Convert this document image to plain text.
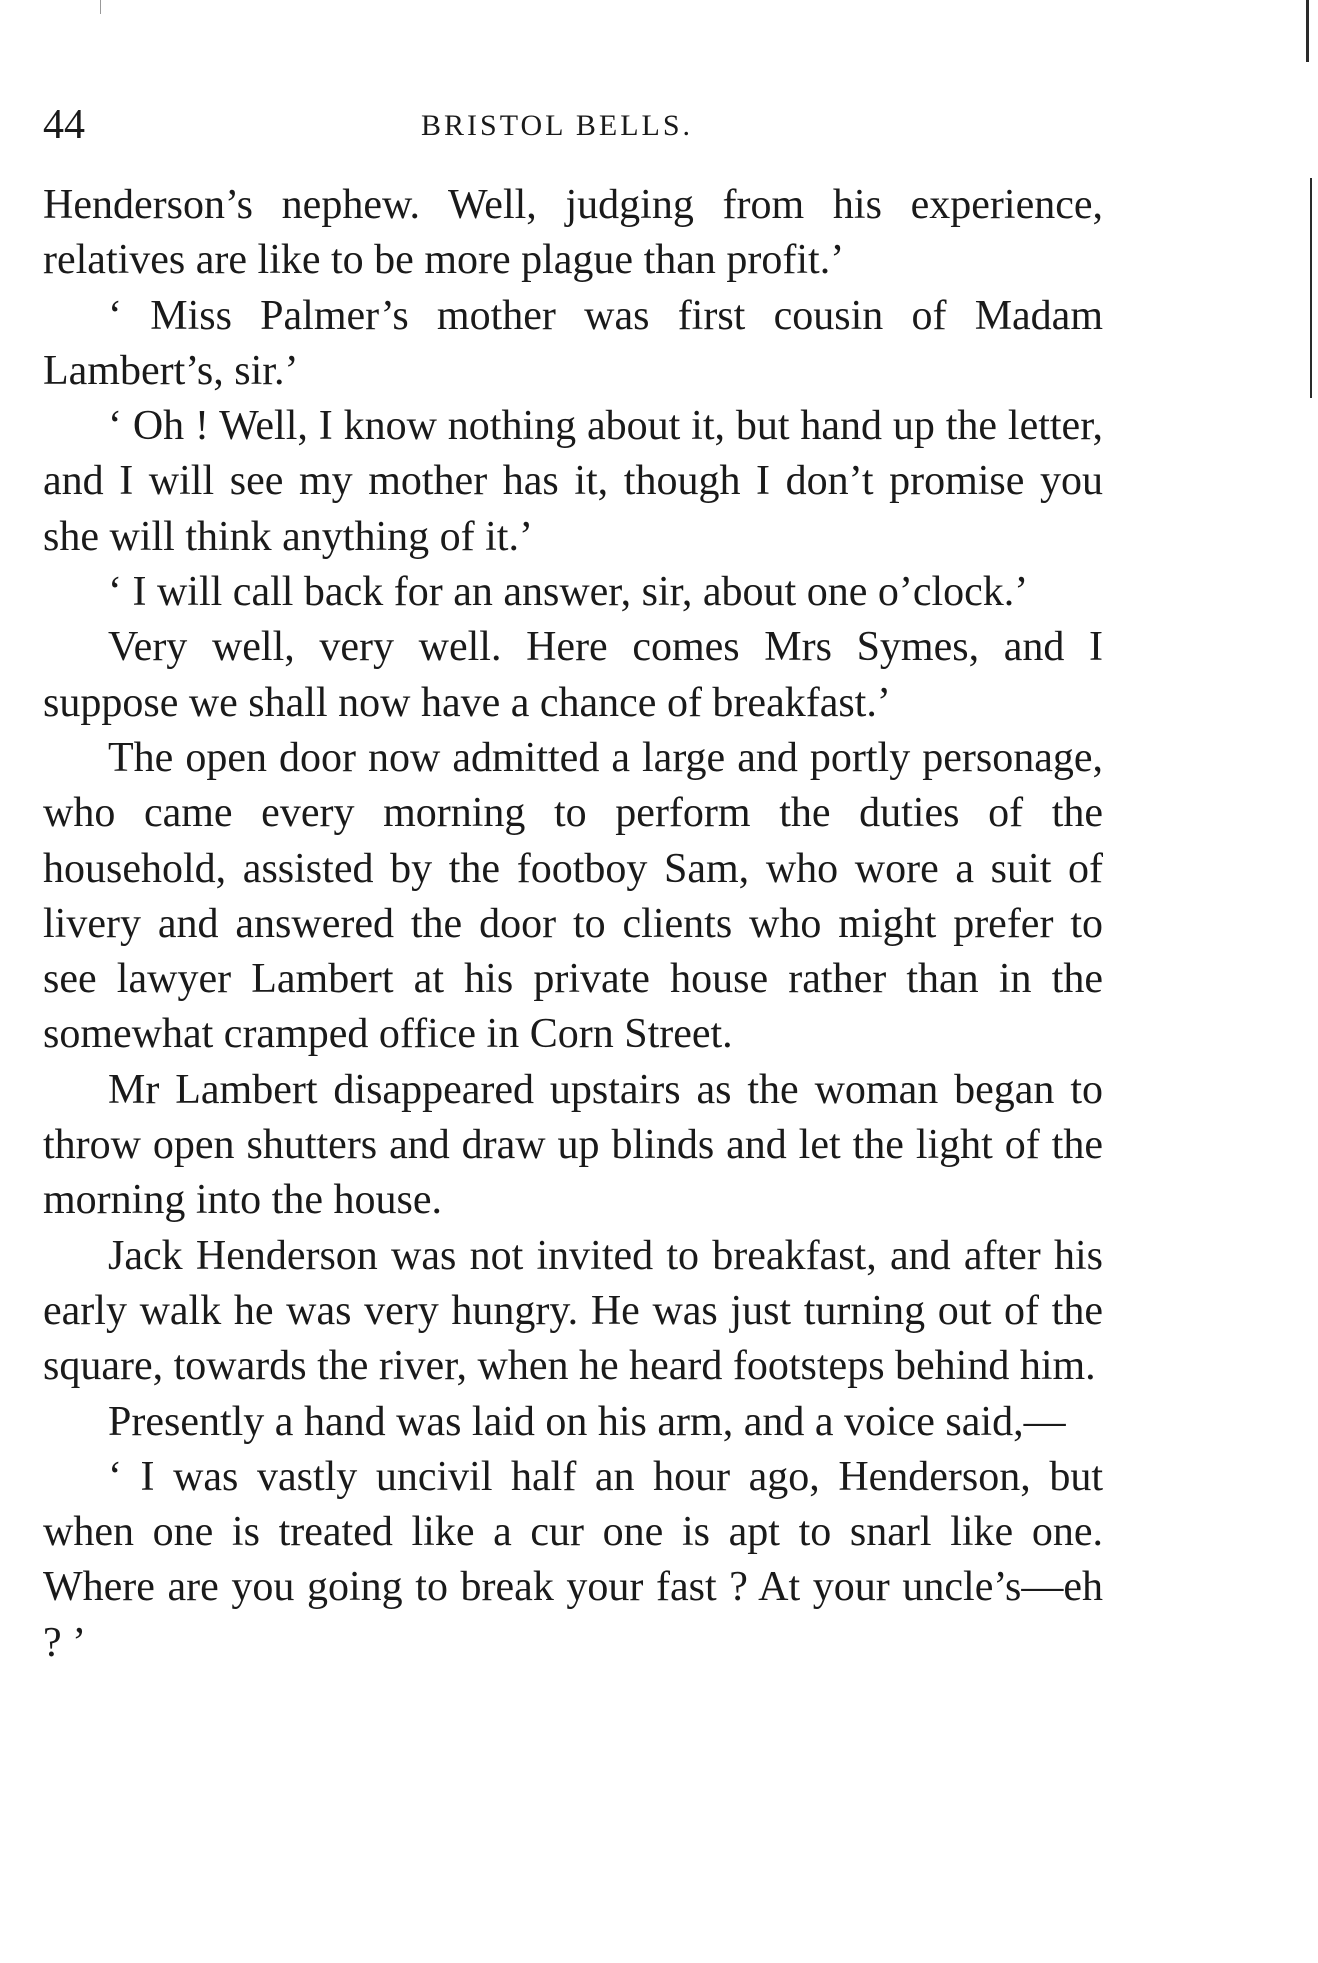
44	BRISTOL BELLS.

Henderson’s nephew. Well, judging from his experience, relatives are like to be more plague than profit.’

‘ Miss Palmer’s mother was first cousin of Madam Lambert’s, sir.’

‘ Oh ! Well, I know nothing about it, but hand up the letter, and I will see my mother has it, though I don’t promise you she will think anything of it.’

‘ I will call back for an answer, sir, about one o’clock.’

Very well, very well. Here comes Mrs Symes, and I suppose we shall now have a chance of breakfast.’

The open door now admitted a large and portly personage, who came every morning to perform the duties of the household, assisted by the footboy Sam, who wore a suit of livery and answered the door to clients who might prefer to see lawyer Lambert at his private house rather than in the somewhat cramped office in Corn Street.

Mr Lambert disappeared upstairs as the woman began to throw open shutters and draw up blinds and let the light of the morning into the house.

Jack Henderson was not invited to breakfast, and after his early walk he was very hungry. He was just turning out of the square, towards the river, when he heard footsteps behind him.

Presently a hand was laid on his arm, and a voice said,—

‘ I was vastly uncivil half an hour ago, Henderson, but when one is treated like a cur one is apt to snarl like one. Where are you going to break your fast ? At your uncle’s—eh ? ’
